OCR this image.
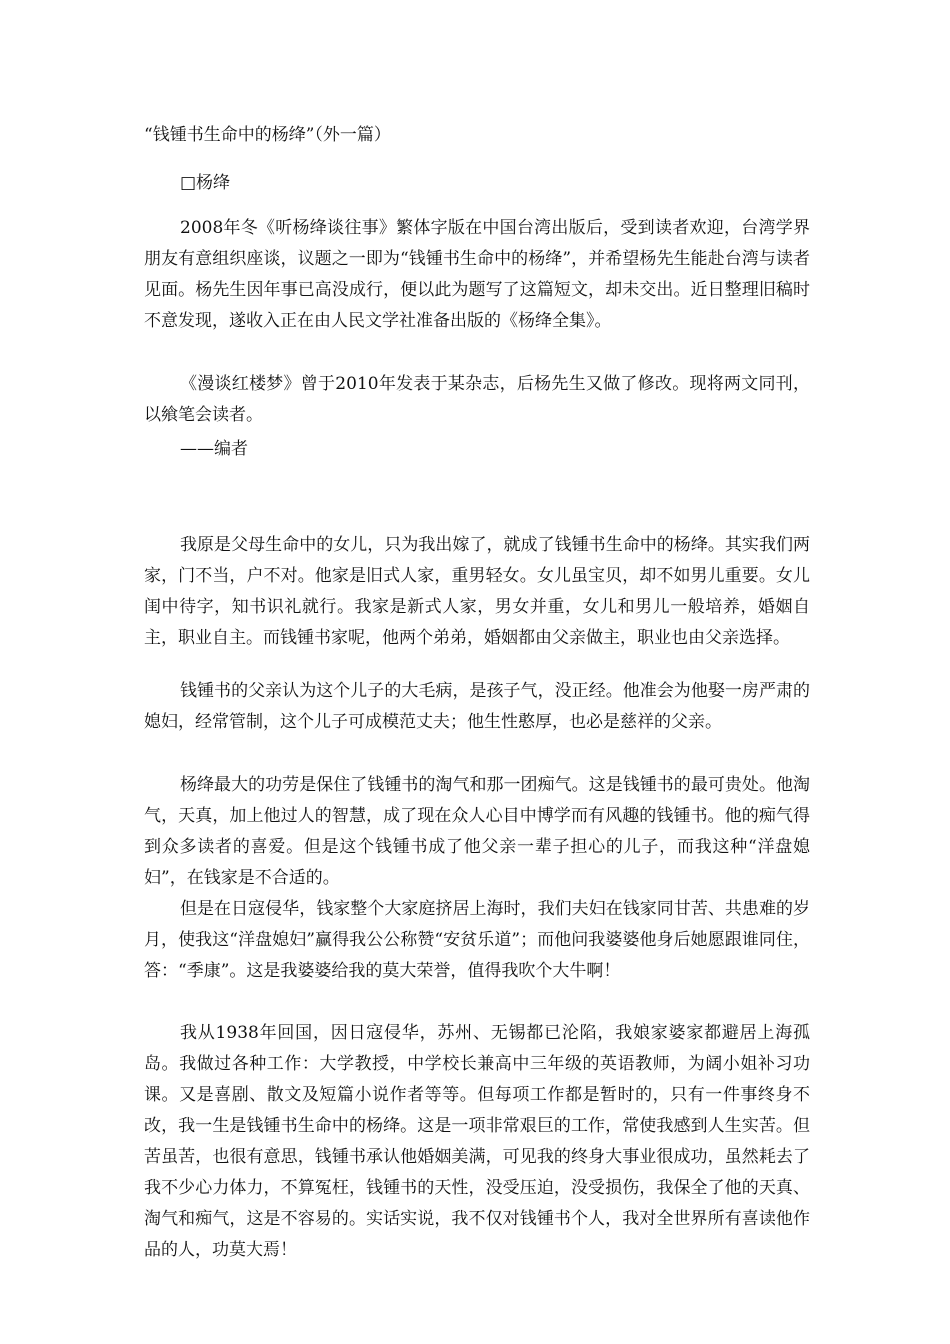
“钱锺书生命中的杨绛”（外一篇）
□杨绛

2008年冬《听杨绛谈往事》繁体字版在中国台湾出版后，受到读者欢迎，台湾学界朋友有意组织座谈，议题之一即为“钱锺书生命中的杨绛”，并希望杨先生能赴台湾与读者见面。杨先生因年事已高没成行，便以此为题写了这篇短文，却未交出。近日整理旧稿时不意发现，遂收入正在由人民文学社准备出版的《杨绛全集》。

《漫谈红楼梦》曾于2010年发表于某杂志，后杨先生又做了修改。现将两文同刊，以飨笔会读者。

——编者

我原是父母生命中的女儿，只为我出嫁了，就成了钱锺书生命中的杨绛。其实我们两家，门不当，户不对。他家是旧式人家，重男轻女。女儿虽宝贝，却不如男儿重要。女儿闺中待字，知书识礼就行。我家是新式人家，男女并重，女儿和男儿一般培养，婚姻自主，职业自主。而钱锺书家呢，他两个弟弟，婚姻都由父亲做主，职业也由父亲选择。

钱锺书的父亲认为这个儿子的大毛病，是孩子气，没正经。他准会为他娶一房严肃的媳妇，经常管制，这个儿子可成模范丈夫；他生性憨厚，也必是慈祥的父亲。

杨绛最大的功劳是保住了钱锺书的淘气和那一团痴气。这是钱锺书的最可贵处。他淘气，天真，加上他过人的智慧，成了现在众人心目中博学而有风趣的钱锺书。他的痴气得到众多读者的喜爱。但是这个钱锺书成了他父亲一辈子担心的儿子，而我这种“洋盘媳妇”，在钱家是不合适的。

但是在日寇侵华，钱家整个大家庭挤居上海时，我们夫妇在钱家同甘苦、共患难的岁月，使我这“洋盘媳妇”赢得我公公称赞“安贫乐道”；而他问我婆婆他身后她愿跟谁同住，答：“季康”。这是我婆婆给我的莫大荣誉，值得我吹个大牛啊！

我从1938年回国，因日寇侵华，苏州、无锡都已沦陷，我娘家婆家都避居上海孤岛。我做过各种工作：大学教授，中学校长兼高中三年级的英语教师，为阔小姐补习功课。又是喜剧、散文及短篇小说作者等等。但每项工作都是暂时的，只有一件事终身不改，我一生是钱锺书生命中的杨绛。这是一项非常艰巨的工作，常使我感到人生实苦。但苦虽苦，也很有意思，钱锺书承认他婚姻美满，可见我的终身大事业很成功，虽然耗去了我不少心力体力，不算冤枉，钱锺书的天性，没受压迫，没受损伤，我保全了他的天真、淘气和痴气，这是不容易的。实话实说，我不仅对钱锺书个人，我对全世界所有喜读他作品的人，功莫大焉！
